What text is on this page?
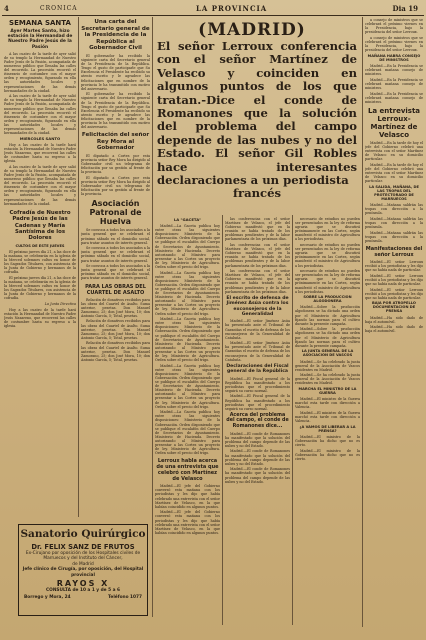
4	CRONICA	LA PROVINCIA	Dia 19
SEMANA SANTA
Ayer Martes Santo, hizo estación la Hermandad de Nuestro Padre Jesús de la Pasión

A las cuatro de la tarde de ayer salió de su templo la Hermandad de Nuestro Padre Jesús de la Pasión, acompañada de numeroso público que llenaba las calles del recorrido. La procesión recorrió el itinerario de costumbre con el mayor orden y recogimiento, figurando en ella las autoridades locales y representaciones de las demás hermandades de la ciudad.

A las cuatro de la tarde de ayer salió de su templo la Hermandad de Nuestro Padre Jesús de la Pasión, acompañada de numeroso público que llenaba las calles del recorrido. La procesión recorrió el itinerario de costumbre con el mayor orden y recogimiento, figurando en ella las autoridades locales y representaciones de las demás hermandades de la ciudad.

MIERCOLES SANTO

Hoy a las cuatro de la tarde hará estación la Hermandad de Nuestro Padre Jesús Nazareno, que recorrerá las calles de costumbre hasta su regreso a la iglesia.

A las cuatro de la tarde de ayer salió de su templo la Hermandad de Nuestro Padre Jesús de la Pasión, acompañada de numeroso público que llenaba las calles del recorrido. La procesión recorrió el itinerario de costumbre con el mayor orden y recogimiento, figurando en ella las autoridades locales y representaciones de las demás hermandades de la ciudad.

Cofradía de Nuestro Padre Jesús de las Cadenas y María Santísima de los Dolores
CULTOS DE ESTE JUEVES

El próximo jueves día 21, a las doce de la mañana, se celebrarán en la iglesia de la Merced solemnes cultos en honor de los Sagrados Titulares, con asistencia de la Junta de Gobierno y hermanos de la cofradía.

El próximo jueves día 21, a las doce de la mañana, se celebrarán en la iglesia de la Merced solemnes cultos en honor de los Sagrados Titulares, con asistencia de la Junta de Gobierno y hermanos de la cofradía.

La Junta Directiva

Hoy a las cuatro de la tarde hará estación la Hermandad de Nuestro Padre Jesús Nazareno, que recorrerá las calles de costumbre hasta su regreso a la iglesia.

Una carta del Secretario general de la Presidencia de la República al Gobernador Civil

El gobernador ha recibido la siguiente carta del Secretario general de la Presidencia de la República. Tengo el gusto de participarle que Su Excelencia el Presidente ha recibido su atento escrito y le agradece las felicitaciones que en nombre de la provincia le ha transmitido con motivo del aniversario.

El gobernador ha recibido la siguiente carta del Secretario general de la Presidencia de la República. Tengo el gusto de participarle que Su Excelencia el Presidente ha recibido su atento escrito y le agradece las felicitaciones que en nombre de la provincia le ha transmitido con motivo del aniversario.

Felicitación del señor Rey Mora al Gobernador

El diputado a Cortes por esta provincia señor Rey Mora ha dirigido al Gobernador civil un telegrama de felicitación por su gestión al frente de la provincia.

El diputado a Cortes por esta provincia señor Rey Mora ha dirigido al Gobernador civil un telegrama de felicitación por su gestión al frente de la provincia.

Asociación Patronal de Huelva

Se convoca a todos los asociados a la junta general que se celebrará el próximo sábado en el domicilio social, para tratar asuntos de interés general.

Se convoca a todos los asociados a la junta general que se celebrará el próximo sábado en el domicilio social, para tratar asuntos de interés general.

Se convoca a todos los asociados a la junta general que se celebrará el próximo sábado en el domicilio social, para tratar asuntos de interés general.

PARA LAS OBRAS DEL CUARTEL DE ASALTO

Relación de donativos recibidos para las obras del Cuartel de Asalto. Suma anterior, pesetas. Don Manuel Zamorano, 25; don José Mora, 10; don Antonio García, 5; Total, pesetas.

Relación de donativos recibidos para las obras del Cuartel de Asalto. Suma anterior, pesetas. Don Manuel Zamorano, 25; don José Mora, 10; don Antonio García, 5; Total, pesetas.

Relación de donativos recibidos para las obras del Cuartel de Asalto. Suma anterior, pesetas. Don Manuel Zamorano, 25; don José Mora, 10; don Antonio García, 5; Total, pesetas.

(MADRID)
El señor Lerroux conferencia con el señor Martínez de Velasco y coinciden en algunos puntos de los que tratan.-Dice el conde de Romanones que la solución del problema del campo depende de las nubes y no del Estado. El señor Gil Robles hace interesantes declaraciones a un periodista
francés
LA "GACETA"

Madrid.—La Gaceta publica hoy entre otras las siguientes disposiciones: Ministerio de la Gobernación. Orden disponiendo que se publique el escalafón del Cuerpo de Secretarios de Ayuntamiento. Ministerio de Hacienda. Decreto autorizando al Ministro para presentar a las Cortes un proyecto de ley. Ministerio de Agricultura. Orden sobre el precio del trigo.

Madrid.—La Gaceta publica hoy entre otras las siguientes disposiciones: Ministerio de la Gobernación. Orden disponiendo que se publique el escalafón del Cuerpo de Secretarios de Ayuntamiento. Ministerio de Hacienda. Decreto autorizando al Ministro para presentar a las Cortes un proyecto de ley. Ministerio de Agricultura. Orden sobre el precio del trigo.

Madrid.—La Gaceta publica hoy entre otras las siguientes disposiciones: Ministerio de la Gobernación. Orden disponiendo que se publique el escalafón del Cuerpo de Secretarios de Ayuntamiento. Ministerio de Hacienda. Decreto autorizando al Ministro para presentar a las Cortes un proyecto de ley. Ministerio de Agricultura. Orden sobre el precio del trigo.

Madrid.—La Gaceta publica hoy entre otras las siguientes disposiciones: Ministerio de la Gobernación. Orden disponiendo que se publique el escalafón del Cuerpo de Secretarios de Ayuntamiento. Ministerio de Hacienda. Decreto autorizando al Ministro para presentar a las Cortes un proyecto de ley. Ministerio de Agricultura. Orden sobre el precio del trigo.

Madrid.—La Gaceta publica hoy entre otras las siguientes disposiciones: Ministerio de la Gobernación. Orden disponiendo que se publique el escalafón del Cuerpo de Secretarios de Ayuntamiento. Ministerio de Hacienda. Decreto autorizando al Ministro para presentar a las Cortes un proyecto de ley. Ministerio de Agricultura. Orden sobre el precio del trigo.

Lerroux habla acerca de una entrevista que celebró con Martínez de Velasco

Madrid.—El jefe del Gobierno conversó esta mañana con los periodistas y les dijo que había celebrado una entrevista con el señor Martínez de Velasco, en la que habían coincidido en algunos puntos.

Madrid.—El jefe del Gobierno conversó esta mañana con los periodistas y les dijo que había celebrado una entrevista con el señor Martínez de Velasco, en la que habían coincidido en algunos puntos.

las conferencias con el señor Martínez de Velasco, el jefe del Gobierno manifestó que en la reunión se había tratado de los problemas pendientes y de la labor parlamentaria de los próximos días.

las conferencias con el señor Martínez de Velasco, el jefe del Gobierno manifestó que en la reunión se había tratado de los problemas pendientes y de la labor parlamentaria de los próximos días.

las conferencias con el señor Martínez de Velasco, el jefe del Gobierno manifestó que en la reunión se había tratado de los problemas pendientes y de la labor parlamentaria de los próximos días.

El escrito de defensa de Jiménez Asúa contra los exconsejeros de la Generalidad

Madrid.—El señor Jiménez Asúa ha presentado ante el Tribunal de Garantías el escrito de defensa de los exconsejeros de la Generalidad de Cataluña.

Madrid.—El señor Jiménez Asúa ha presentado ante el Tribunal de Garantías el escrito de defensa de los exconsejeros de la Generalidad de Cataluña.

Declaraciones del Fiscal general de la República

Madrid.—El Fiscal general de la República ha manifestado a los periodistas que el procedimiento seguirá su curso normal.

Madrid.—El Fiscal general de la República ha manifestado a los periodistas que el procedimiento seguirá su curso normal.

Acerca del problema del campo, el conde de Romanones dice...

Madrid.—El conde de Romanones ha manifestado que la solución del problema del campo depende de las nubes y no del Estado.

Madrid.—El conde de Romanones ha manifestado que la solución del problema del campo depende de las nubes y no del Estado.

Madrid.—El conde de Romanones ha manifestado que la solución del problema del campo depende de las nubes y no del Estado.

necesario de estudios no pueden ser presentados en la ley de reforma agraria que se discutirá próximamente en las Cortes, según manifestó el ministro de Agricultura a los periodistas.

necesario de estudios no pueden ser presentados en la ley de reforma agraria que se discutirá próximamente en las Cortes, según manifestó el ministro de Agricultura a los periodistas.

necesario de estudios no pueden ser presentados en la ley de reforma agraria que se discutirá próximamente en las Cortes, según manifestó el ministro de Agricultura a los periodistas.

SOBRE LA PRODUCCION ALGODONERA

Madrid.—Sobre la producción algodonera se ha dictado una orden por el Ministerio de Agricultura fijando las normas para el cultivo durante la presente campaña.

Madrid.—Sobre la producción algodonera se ha dictado una orden por el Ministerio de Agricultura fijando las normas para el cultivo durante la presente campaña.

LA JUNTA GENERAL DE LA ASOCIACION DE VASCOS

Madrid.—Se ha celebrado la junta general de la Asociación de Vascos residentes en Madrid.

Madrid.—Se ha celebrado la junta general de la Asociación de Vascos residentes en Madrid.

MARCHA EL MINISTRO DE LA GUERRA

Madrid.—El ministro de la Guerra marchó esta tarde con dirección a Valencia.

Madrid.—El ministro de la Guerra marchó esta tarde con dirección a Valencia.

¿A VAMOS DE LIBERAR A LA PRENSA?

Madrid.—El ministro de la Gobernación ha dicho que no es cierto.

Madrid.—El ministro de la Gobernación ha dicho que no es cierto.

a consejo de ministros que se celebrará el próximo viernes en la Presidencia, bajo la presidencia del señor Lerroux.

a consejo de ministros que se celebrará el próximo viernes en la Presidencia, bajo la presidencia del señor Lerroux.

MAÑANA HABRA CONSEJO DE MINISTROS

Madrid.—En la Presidencia se celebrará mañana consejo de ministros.

Madrid.—En la Presidencia se celebrará mañana consejo de ministros.

Madrid.—En la Presidencia se celebrará mañana consejo de ministros.

La entrevista Lerroux-Martínez de Velasco

Madrid.—En la tarde de hoy el jefe del Gobierno celebró una entrevista con el señor Martínez de Velasco en su domicilio particular.

Madrid.—En la tarde de hoy el jefe del Gobierno celebró una entrevista con el señor Martínez de Velasco en su domicilio particular.

LA SALIDA, MAÑANA, DE LAS TROPAS DEL PROTECTORADO DE MARRUECOS

Madrid.—Mañana saldrán las tropas con dirección a la península.

Madrid.—Mañana saldrán las tropas con dirección a la península.

Madrid.—Mañana saldrán las tropas con dirección a la península.

Manifestaciones del señor Lerroux

Madrid.—El señor Lerroux recibió a los periodistas y les dijo que no había nada de particular.

Madrid.—El señor Lerroux recibió a los periodistas y les dijo que no había nada de particular.

Madrid.—El señor Lerroux recibió a los periodistas y les dijo que no había nada de particular.

BAJA POR ATROPELLO DOCUMENTACION DE PRENSA

Madrid.—Ha sido dado de baja el automóvil.

Madrid.—Ha sido dado de baja el automóvil.

Sanatorio Quirúrgico
Dr. FELIX SANZ DE FRUTOS
Ex-Cirujano por oposición de los Hospitales civiles de Marruecos y del Instituto del Cáncer,
de Madrid
Jefe clínico de Cirugía, por oposición, del Hospital provincial
RAYOS X
CONSULTA de 10 a 1 y de 5 a 6
Borrego y Mora, 24	Teléfono 1077
